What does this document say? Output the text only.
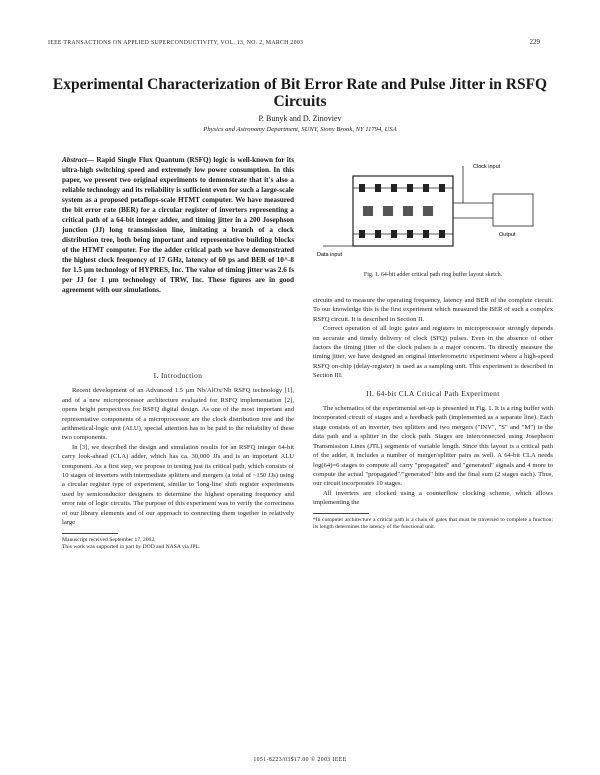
IEEE TRANSACTIONS ON APPLIED SUPERCONDUCTIVITY, VOL. 13, NO. 2, MARCH 2003	229
Experimental Characterization of Bit Error Rate and Pulse Jitter in RSFQ Circuits
P. Bunyk and D. Zinoviev
Physics and Astronomy Department, SUNY, Stony Brook, NY 11794, USA
Abstract— Rapid Single Flux Quantum (RSFQ) logic is well-known for its ultra-high switching speed and extremely low power consumption. In this paper, we present two original experiments to demonstrate that it's also a reliable technology and its reliability is sufficient even for such a large-scale system as a proposed petaflops-scale HTMT computer. We have measured the bit error rate (BER) for a circular register of inverters representing a critical path of a 64-bit integer adder, and timing jitter in a 200 Josephson junction (JJ) long transmission line, imitating a branch of a clock distribution tree, both being important and representative building blocks of the HTMT computer. For the adder critical path we have demonstrated the highest clock frequency of 17 GHz, latency of 60 ps and BER of 10^-8 for 1.5 µm technology of HYPRES, Inc. The value of timing jitter was 2.6 fs per JJ for 1 µm technology of TRW, Inc. These figures are in good agreement with our simulations.
I. Introduction

Recent development of an Advanced 1.5 µm Nb/AlOx/Nb RSFQ technology [1], and of a new microprocessor architecture evaluated for RSFQ implementation [2], opens bright perspectives for RSFQ digital design. As one of the most important and representative components of a microprocessor are the clock distribution tree and the arithmetical-logic unit (ALU), special attention has to be paid to the reliability of these two components.

In [3], we described the design and simulation results for an RSFQ integer 64-bit carry look-ahead (CLA) adder, which has ca. 30,000 JJs and is an important ALU component. As a first step, we propose to testing just its critical path, which consists of 10 stages of inverters with intermediate splitters and mergers (a total of ~150 JJs) using a circular register type of experiment, similar to 'long-line' shift register experiments used by semiconductor designers to determine the highest operating frequency and error rate of logic circuits. The purpose of this experiment was to verify the correctness of our library elements and of our approach to connecting them together in relatively large

Manuscript received September 17, 2002.
This work was supported in part by DOD and NASA via JPL.
Clock input
Data input
Output
Fig. 1. 64-bit adder critical path ring buffer layout sketch.

circuits and to measure the operating frequency, latency and BER of the complete circuit. To our knowledge this is the first experiment which measured the BER of such a complex RSFQ circuit. It is described in Section II.

Correct operation of all logic gates and registers in microprocessor strongly depends on accurate and timely delivery of clock (SFQ) pulses. Even in the absence of other factors the timing jitter of the clock pulses is a major concern. To directly measure the timing jitter, we have designed an original interferometric experiment where a high-speed RSFQ on-chip (delay-register) is used as a sampling unit. This experiment is described in Section III.

II. 64-bit CLA Critical Path Experiment

The schematics of the experimental set-up is presented in Fig. 1. It is a ring buffer with incorporated circuit of stages and a feedback path (implemented as a separate line). Each stage consists of an inverter, two splitters and two mergers ("INV", "S" and "M") in the data path and a splitter in the clock path. Stages are interconnected using Josephson Transmission Lines (JTL) segments of variable length. Since this layout is a critical path of the adder, it includes a number of merger/splitter pairs as well. A 64-bit CLA needs log(64)=6 stages to compute all carry "propagated" and "generated" signals and 4 more to compute the actual "propagated"/"generated" bits and the final sum (2 stages each). Thus, our circuit incorporates 10 stages.

All inverters are clocked using a counterflow clocking scheme, which allows implementing the

*In computer architecture a critical path is a chain of gates that must be traversed to complete a function; its length determines the latency of the functional unit.
1051-8223/03$17.00 © 2003 IEEE
